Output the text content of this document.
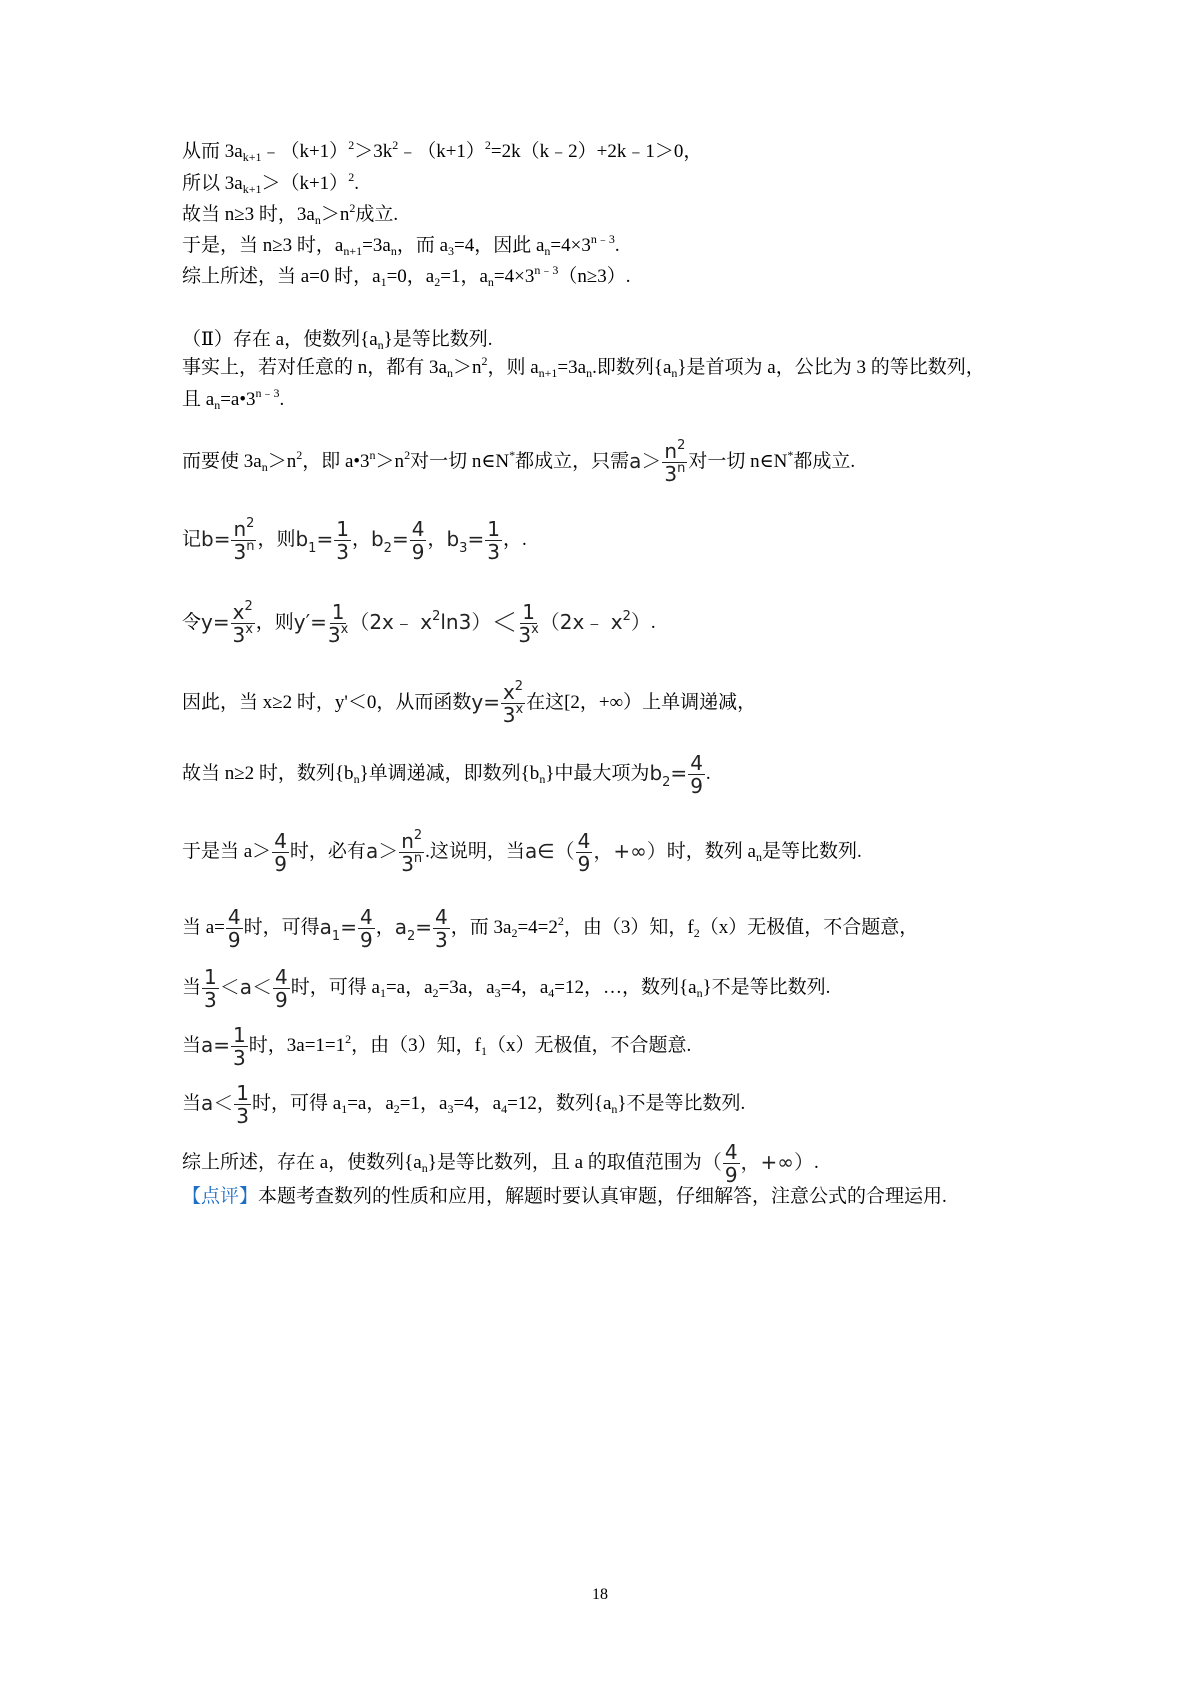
从而 $3a_{k+1}﹣(k+1)^2>3k^2﹣(k+1)^2=2k(k﹣2)+2k﹣1>0$，
所以 $3a_{k+1}>(k+1)^2$.
故当 n≥3 时，$3a_n>n^2$成立.
于是，当 n≥3 时，$a_{n+1}=3a_n$，而 $a_3=4$，因此 $a_n=4\times 3^{n﹣3}$.
综上所述，当 a=0 时，$a_1=0$，$a_2=1$，$a_n=4\times 3^{n﹣3}(n\ge 3)$.
（Ⅱ）存在 a，使数列$\{a_n\}$是等比数列.
事实上，若对任意的 n，都有 $3a_n>n^2$，则 $a_{n+1}=3a_n$.即数列$\{a_n\}$是首项为 a，公比为 3 的等比数列，且 $a_n=a•3^{n﹣3}$.
而要使 $3a_n>n^2$，即 $a•3^n>n^2$对一切 n∈N*都成立，只需$a> \frac{n^2}{3^n}$ 对一切 n∈N*都成立.
记$b= \frac{n^2}{3^n}$ ，则$b_1= \frac{1}{3}$ ，$b_2= \frac{4}{9}$ ，$b_3= \frac{1}{3}$ ，.
令$y= \frac{x^2}{3^x}$ ，则$y'= \frac{1}{3^x}$ （2x﹣ $x^2\ln 3)< \frac{1}{3^x}$ （2x﹣ $x^2$）.
因此，当 x≥2 时，y'＜0，从而函数$y= \frac{x^2}{3^x}$ 在这[2，+∞）上单调递减，
故当 n≥2 时，数列$\{b_n\}$单调递减，即数列$\{b_n\}$中最大项为$b_2= \frac{4}{9}$ .
于是当 $a> \frac{4}{9}$ 时，必有$a> \frac{n^2}{3^n}$ .这说明，当a∈（ $\frac{4}{9}$ ，+∞）时，数列 $a_n$是等比数列.
当 $a= \frac{4}{9}$ 时，可得$a_1= \frac{4}{9}$ ，$a_2= \frac{4}{3}$ ，而 $3a_2=4=2^2$，由（3）知，$f_2(x)$无极值，不合题意，
当 $\frac{1}{3} <a< \frac{4}{9}$ 时，可得 $a_1=a$，$a_2=3a$，$a_3=4$，$a_4=12$，…，数列$\{a_n\}$不是等比数列.
当$a= \frac{1}{3}$ 时，$3a=1=1^2$，由（3）知，$f_1(x)$无极值，不合题意.
当$a< \frac{1}{3}$ 时，可得 $a_1=a$，$a_2=1$，$a_3=4$，$a_4=12$，数列$\{a_n\}$不是等比数列.
综上所述，存在 a，使数列$\{a_n\}$是等比数列，且 a 的取值范围为（ $\frac{4}{9}$ ，+∞）.
【点评】本题考查数列的性质和应用，解题时要认真审题，仔细解答，注意公式的合理运用.
18
